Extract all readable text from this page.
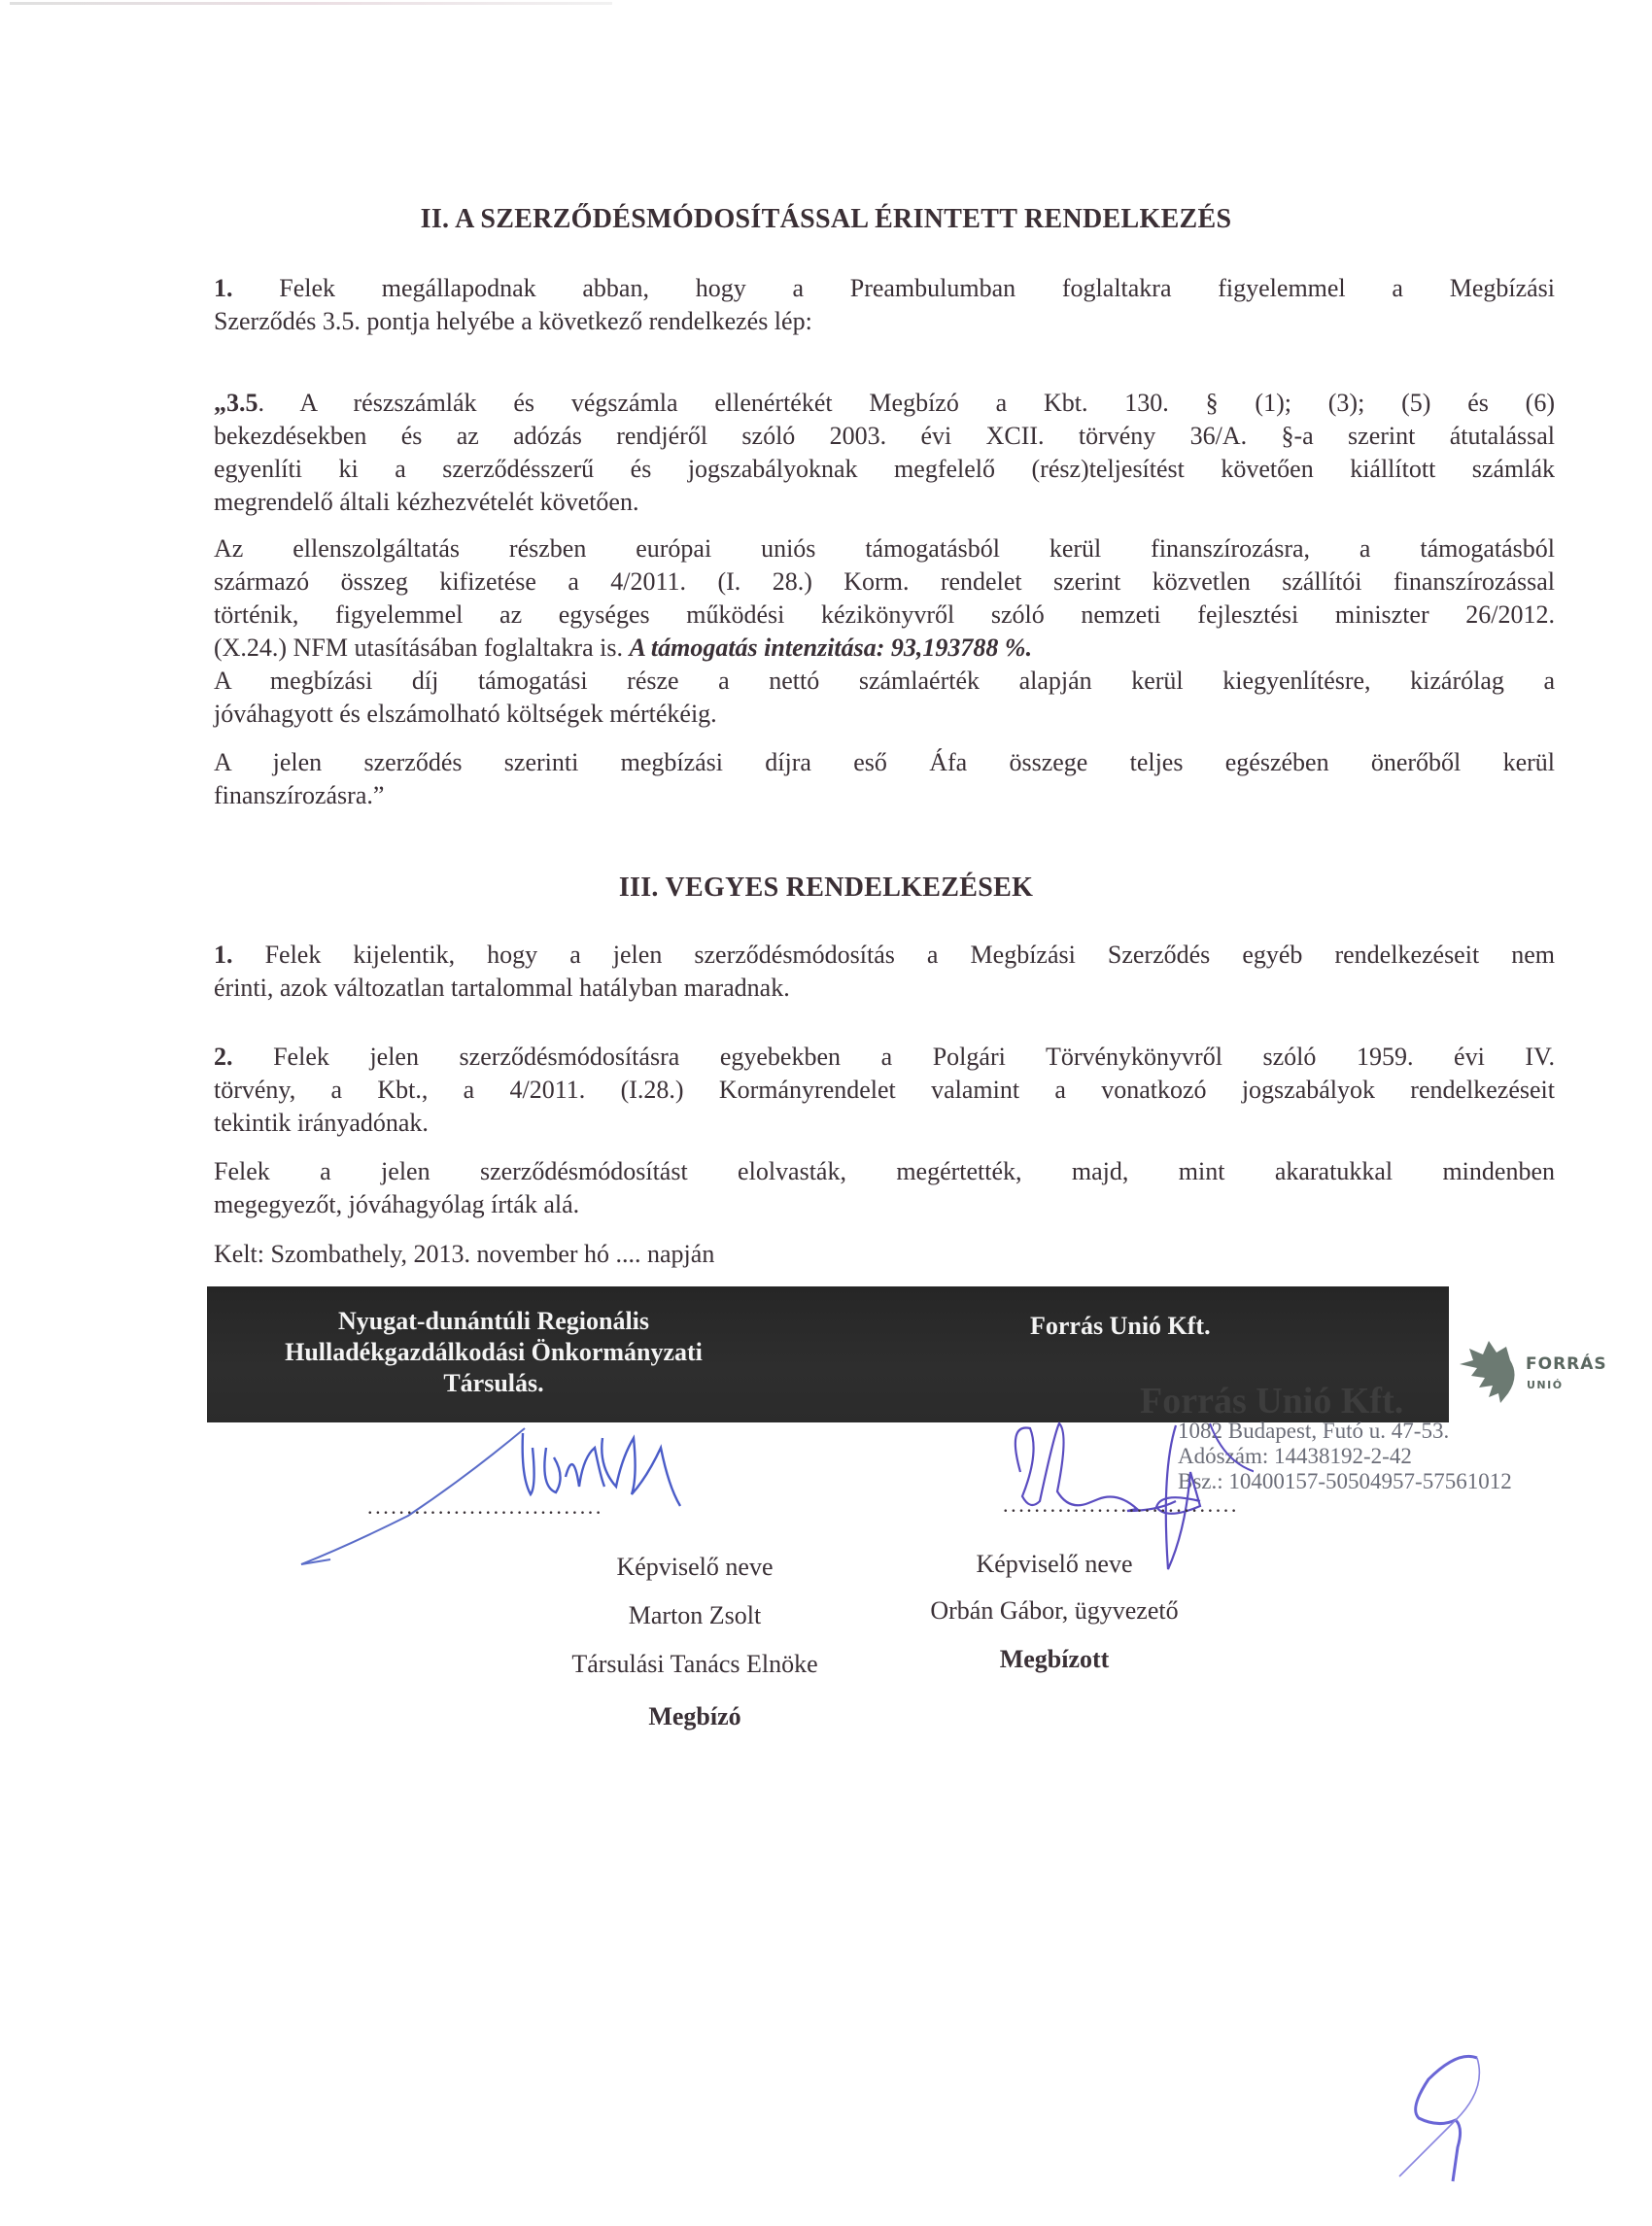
II. A SZERZŐDÉSMÓDOSÍTÁSSAL ÉRINTETT RENDELKEZÉS
1. Felek megállapodnak abban, hogy a Preambulumban foglaltakra figyelemmel a Megbízási
Szerződés 3.5. pontja helyébe a következő rendelkezés lép:
„3.5. A részszámlák és végszámla ellenértékét Megbízó a Kbt. 130. § (1); (3); (5) és (6)
bekezdésekben és az adózás rendjéről szóló 2003. évi XCII. törvény 36/A. §-a szerint átutalással
egyenlíti ki a szerződésszerű és jogszabályoknak megfelelő (rész)teljesítést követően kiállított számlák
megrendelő általi kézhezvételét követően.
Az ellenszolgáltatás részben európai uniós támogatásból kerül finanszírozásra, a támogatásból
származó összeg kifizetése a 4/2011. (I. 28.) Korm. rendelet szerint közvetlen szállítói finanszírozással
történik, figyelemmel az egységes működési kézikönyvről szóló nemzeti fejlesztési miniszter 26/2012.
(X.24.) NFM utasításában foglaltakra is. A támogatás intenzitása: 93,193788 %.
A megbízási díj támogatási része a nettó számlaérték alapján kerül kiegyenlítésre, kizárólag a
jóváhagyott és elszámolható költségek mértékéig.
A jelen szerződés szerinti megbízási díjra eső Áfa összege teljes egészében önerőből kerül
finanszírozásra.”
III. VEGYES RENDELKEZÉSEK
1. Felek kijelentik, hogy a jelen szerződésmódosítás a Megbízási Szerződés egyéb rendelkezéseit nem
érinti, azok változatlan tartalommal hatályban maradnak.
2. Felek jelen szerződésmódosításra egyebekben a Polgári Törvénykönyvről szóló 1959. évi IV.
törvény, a Kbt., a 4/2011. (I.28.) Kormányrendelet valamint a vonatkozó jogszabályok rendelkezéseit
tekintik irányadónak.
Felek a jelen szerződésmódosítást elolvasták, megértették, majd, mint akaratukkal mindenben
megegyezőt, jóváhagyólag írták alá.
Kelt: Szombathely, 2013. november hó .... napján
Nyugat-dunántúli Regionális
Hulladékgazdálkodási Önkormányzati
Társulás.
Forrás Unió Kft.
Forrás Unió Kft.
FORRÁS
UNIÓ
1082 Budapest, Futó u. 47-53.
Adószám: 14438192-2-42
Bsz.: 10400157-50504957-57561012
..............................
Képviselő neve
Marton Zsolt
Társulási Tanács Elnöke
Megbízó
..............................
Képviselő neve
Orbán Gábor, ügyvezető
Megbízott
